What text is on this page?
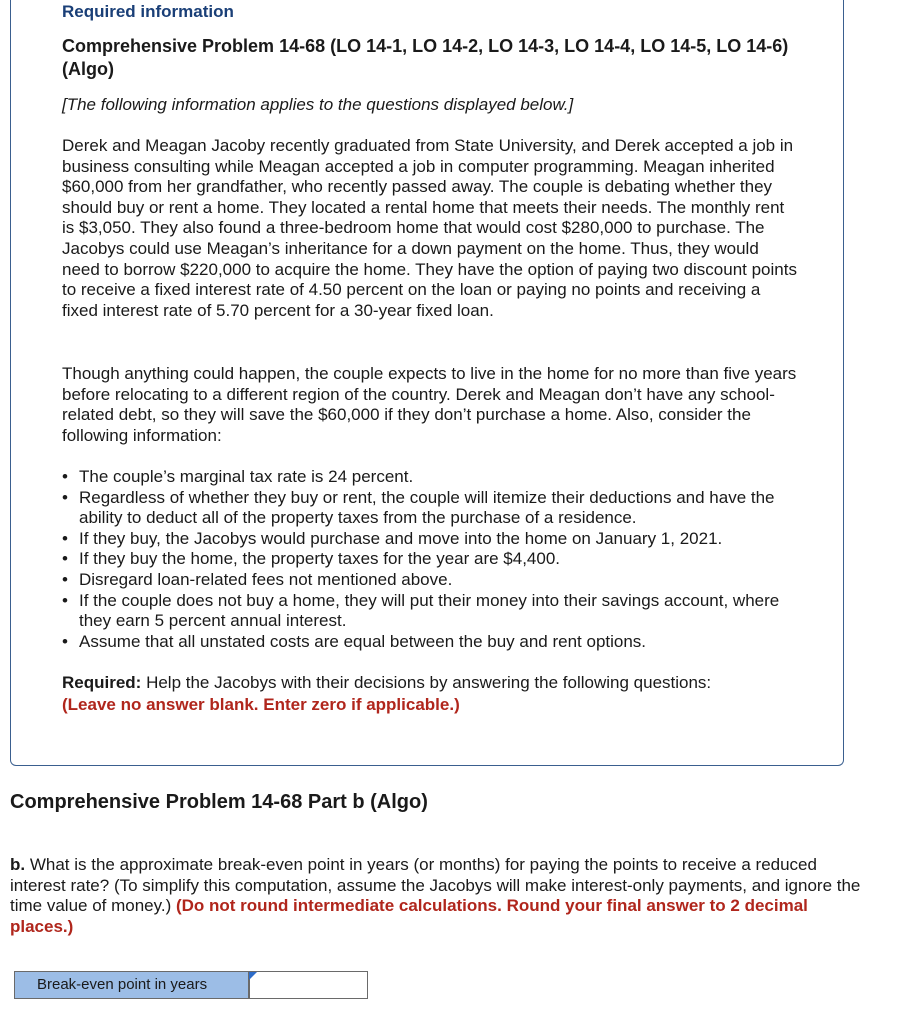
Required information

Comprehensive Problem 14-68 (LO 14-1, LO 14-2, LO 14-3, LO 14-4, LO 14-5, LO 14-6) (Algo)

[The following information applies to the questions displayed below.]

Derek and Meagan Jacoby recently graduated from State University, and Derek accepted a job in business consulting while Meagan accepted a job in computer programming. Meagan inherited $60,000 from her grandfather, who recently passed away. The couple is debating whether they should buy or rent a home. They located a rental home that meets their needs. The monthly rent is $3,050. They also found a three-bedroom home that would cost $280,000 to purchase. The Jacobys could use Meagan’s inheritance for a down payment on the home. Thus, they would need to borrow $220,000 to acquire the home. They have the option of paying two discount points to receive a fixed interest rate of 4.50 percent on the loan or paying no points and receiving a fixed interest rate of 5.70 percent for a 30-year fixed loan.

Though anything could happen, the couple expects to live in the home for no more than five years before relocating to a different region of the country. Derek and Meagan don’t have any school-related debt, so they will save the $60,000 if they don’t purchase a home. Also, consider the following information:

• The couple’s marginal tax rate is 24 percent.
• Regardless of whether they buy or rent, the couple will itemize their deductions and have the ability to deduct all of the property taxes from the purchase of a residence.
• If they buy, the Jacobys would purchase and move into the home on January 1, 2021.
• If they buy the home, the property taxes for the year are $4,400.
• Disregard loan-related fees not mentioned above.
• If the couple does not buy a home, they will put their money into their savings account, where they earn 5 percent annual interest.
• Assume that all unstated costs are equal between the buy and rent options.

Required: Help the Jacobys with their decisions by answering the following questions:
(Leave no answer blank. Enter zero if applicable.)

Comprehensive Problem 14-68 Part b (Algo)

b. What is the approximate break-even point in years (or months) for paying the points to receive a reduced interest rate? (To simplify this computation, assume the Jacobys will make interest-only payments, and ignore the time value of money.) (Do not round intermediate calculations. Round your final answer to 2 decimal places.)

Break-even point in years
